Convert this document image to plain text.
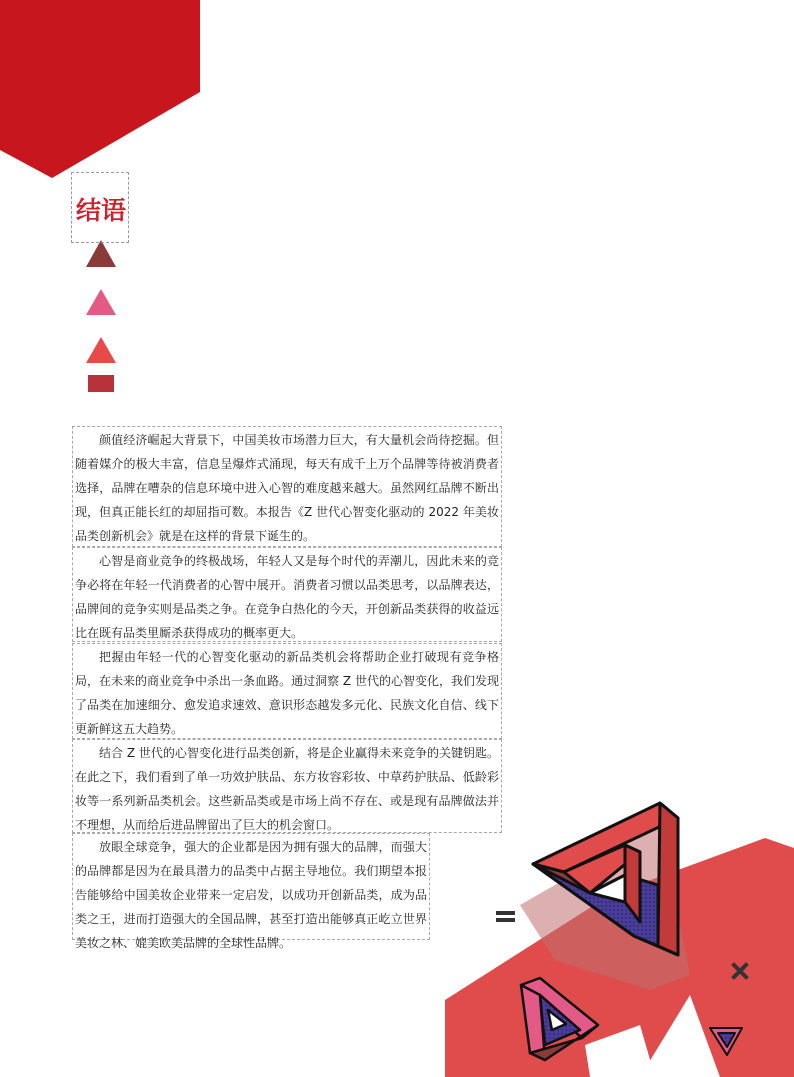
结语

颜值经济崛起大背景下，中国美妆市场潜力巨大，有大量机会尚待挖掘。但随着媒介的极大丰富，信息呈爆炸式涌现，每天有成千上万个品牌等待被消费者选择，品牌在嘈杂的信息环境中进入心智的难度越来越大。虽然网红品牌不断出现，但真正能长红的却屈指可数。本报告《Z 世代心智变化驱动的 2022 年美妆品类创新机会》就是在这样的背景下诞生的。

心智是商业竞争的终极战场，年轻人又是每个时代的弄潮儿，因此未来的竞争必将在年轻一代消费者的心智中展开。消费者习惯以品类思考，以品牌表达，品牌间的竞争实则是品类之争。在竞争白热化的今天，开创新品类获得的收益远比在既有品类里厮杀获得成功的概率更大。

把握由年轻一代的心智变化驱动的新品类机会将帮助企业打破现有竞争格局，在未来的商业竞争中杀出一条血路。通过洞察 Z 世代的心智变化，我们发现了品类在加速细分、愈发追求速效、意识形态越发多元化、民族文化自信、线下更新鲜这五大趋势。

结合 Z 世代的心智变化进行品类创新，将是企业赢得未来竞争的关键钥匙。在此之下，我们看到了单一功效护肤品、东方妆容彩妆、中草药护肤品、低龄彩妆等一系列新品类机会。这些新品类或是市场上尚不存在、或是现有品牌做法并不理想，从而给后进品牌留出了巨大的机会窗口。

放眼全球竞争，强大的企业都是因为拥有强大的品牌，而强大的品牌都是因为在最具潜力的品类中占据主导地位。我们期望本报告能够给中国美妆企业带来一定启发，以成功开创新品类，成为品类之王，进而打造强大的全国品牌，甚至打造出能够真正屹立世界美妆之林、媲美欧美品牌的全球性品牌。
